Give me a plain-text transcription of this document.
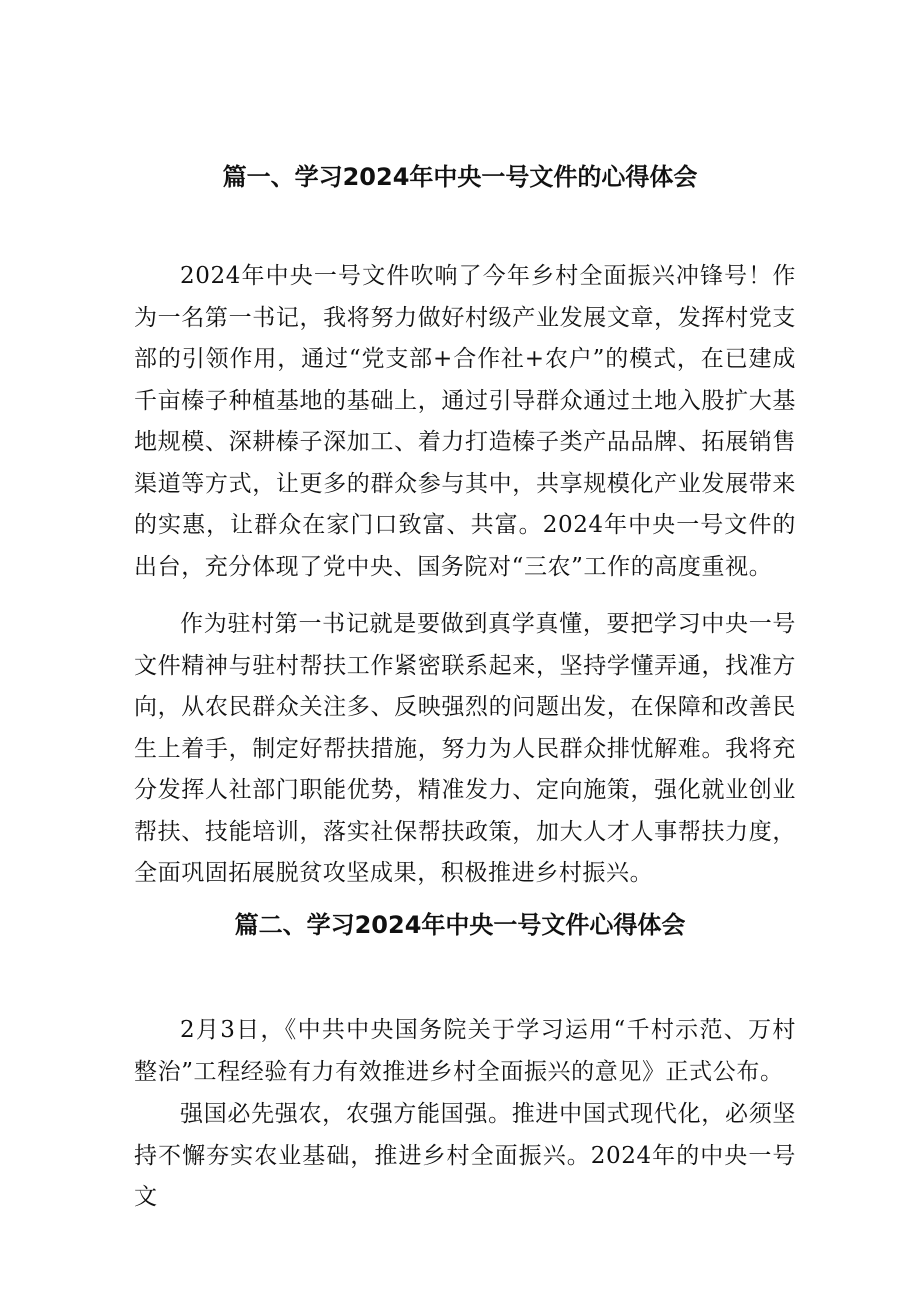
篇一、学习2024年中央一号文件的心得体会

2024年中央一号文件吹响了今年乡村全面振兴冲锋号！作为一名第一书记，我将努力做好村级产业发展文章，发挥村党支部的引领作用，通过“党支部+合作社+农户”的模式，在已建成千亩榛子种植基地的基础上，通过引导群众通过土地入股扩大基地规模、深耕榛子深加工、着力打造榛子类产品品牌、拓展销售渠道等方式，让更多的群众参与其中，共享规模化产业发展带来的实惠，让群众在家门口致富、共富。2024年中央一号文件的出台，充分体现了党中央、国务院对“三农”工作的高度重视。

作为驻村第一书记就是要做到真学真懂，要把学习中央一号文件精神与驻村帮扶工作紧密联系起来，坚持学懂弄通，找准方向，从农民群众关注多、反映强烈的问题出发，在保障和改善民生上着手，制定好帮扶措施，努力为人民群众排忧解难。我将充分发挥人社部门职能优势，精准发力、定向施策，强化就业创业帮扶、技能培训，落实社保帮扶政策，加大人才人事帮扶力度，全面巩固拓展脱贫攻坚成果，积极推进乡村振兴。

篇二、学习2024年中央一号文件心得体会

2月3日，《中共中央国务院关于学习运用“千村示范、万村整治”工程经验有力有效推进乡村全面振兴的意见》正式公布。

强国必先强农，农强方能国强。推进中国式现代化，必须坚持不懈夯实农业基础，推进乡村全面振兴。2024年的中央一号文
